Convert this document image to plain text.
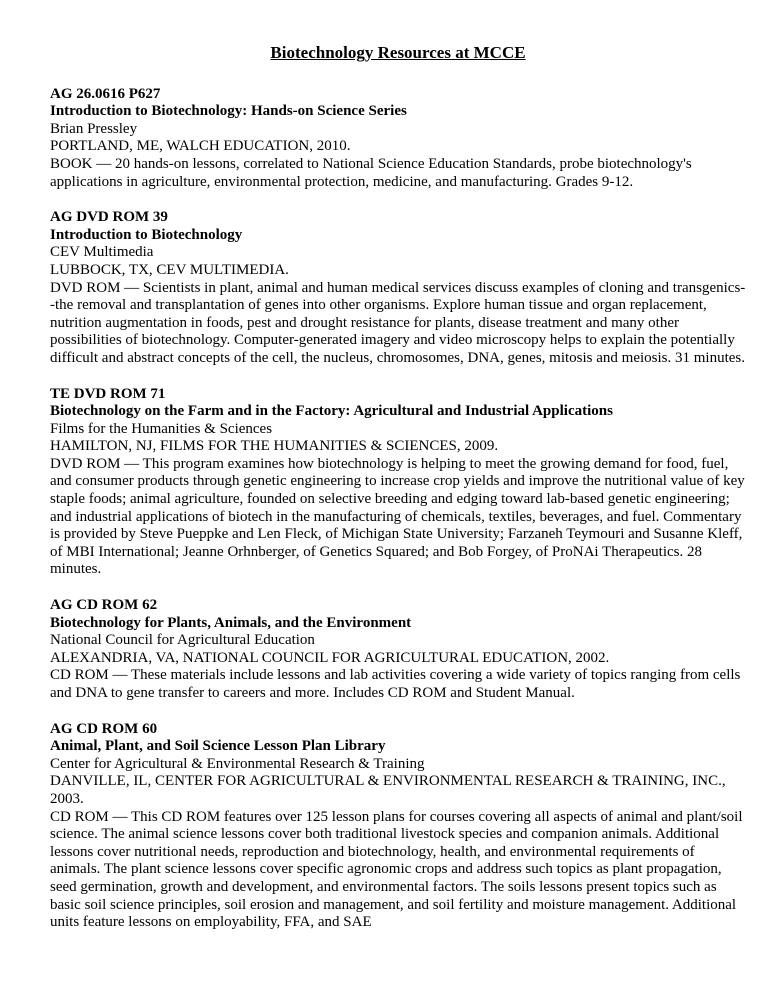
Biotechnology Resources at MCCE

AG 26.0616 P627

Introduction to Biotechnology: Hands-on Science Series

Brian Pressley

PORTLAND, ME, WALCH EDUCATION, 2010.

BOOK — 20 hands-on lessons, correlated to National Science Education Standards, probe biotechnology's applications in agriculture, environmental protection, medicine, and manufacturing. Grades 9-12.

AG DVD ROM 39

Introduction to Biotechnology

CEV Multimedia

LUBBOCK, TX, CEV MULTIMEDIA.

DVD ROM — Scientists in plant, animal and human medical services discuss examples of cloning and transgenics--the removal and transplantation of genes into other organisms. Explore human tissue and organ replacement, nutrition augmentation in foods, pest and drought resistance for plants, disease treatment and many other possibilities of biotechnology. Computer-generated imagery and video microscopy helps to explain the potentially difficult and abstract concepts of the cell, the nucleus, chromosomes, DNA, genes, mitosis and meiosis. 31 minutes.

TE DVD ROM 71

Biotechnology on the Farm and in the Factory: Agricultural and Industrial Applications

Films for the Humanities & Sciences

HAMILTON, NJ, FILMS FOR THE HUMANITIES & SCIENCES, 2009.

DVD ROM — This program examines how biotechnology is helping to meet the growing demand for food, fuel, and consumer products through genetic engineering to increase crop yields and improve the nutritional value of key staple foods; animal agriculture, founded on selective breeding and edging toward lab-based genetic engineering; and industrial applications of biotech in the manufacturing of chemicals, textiles, beverages, and fuel. Commentary is provided by Steve Pueppke and Len Fleck, of Michigan State University; Farzaneh Teymouri and Susanne Kleff, of MBI International; Jeanne Orhnberger, of Genetics Squared; and Bob Forgey, of ProNAi Therapeutics. 28 minutes.

AG CD ROM 62

Biotechnology for Plants, Animals, and the Environment

National Council for Agricultural Education

ALEXANDRIA, VA, NATIONAL COUNCIL FOR AGRICULTURAL EDUCATION, 2002.

CD ROM — These materials include lessons and lab activities covering a wide variety of topics ranging from cells and DNA to gene transfer to careers and more. Includes CD ROM and Student Manual.

AG CD ROM 60

Animal, Plant, and Soil Science Lesson Plan Library

Center for Agricultural & Environmental Research & Training

DANVILLE, IL, CENTER FOR AGRICULTURAL & ENVIRONMENTAL RESEARCH & TRAINING, INC., 2003.

CD ROM — This CD ROM features over 125 lesson plans for courses covering all aspects of animal and plant/soil science. The animal science lessons cover both traditional livestock species and companion animals. Additional lessons cover nutritional needs, reproduction and biotechnology, health, and environmental requirements of animals. The plant science lessons cover specific agronomic crops and address such topics as plant propagation, seed germination, growth and development, and environmental factors. The soils lessons present topics such as basic soil science principles, soil erosion and management, and soil fertility and moisture management. Additional units feature lessons on employability, FFA, and SAE
